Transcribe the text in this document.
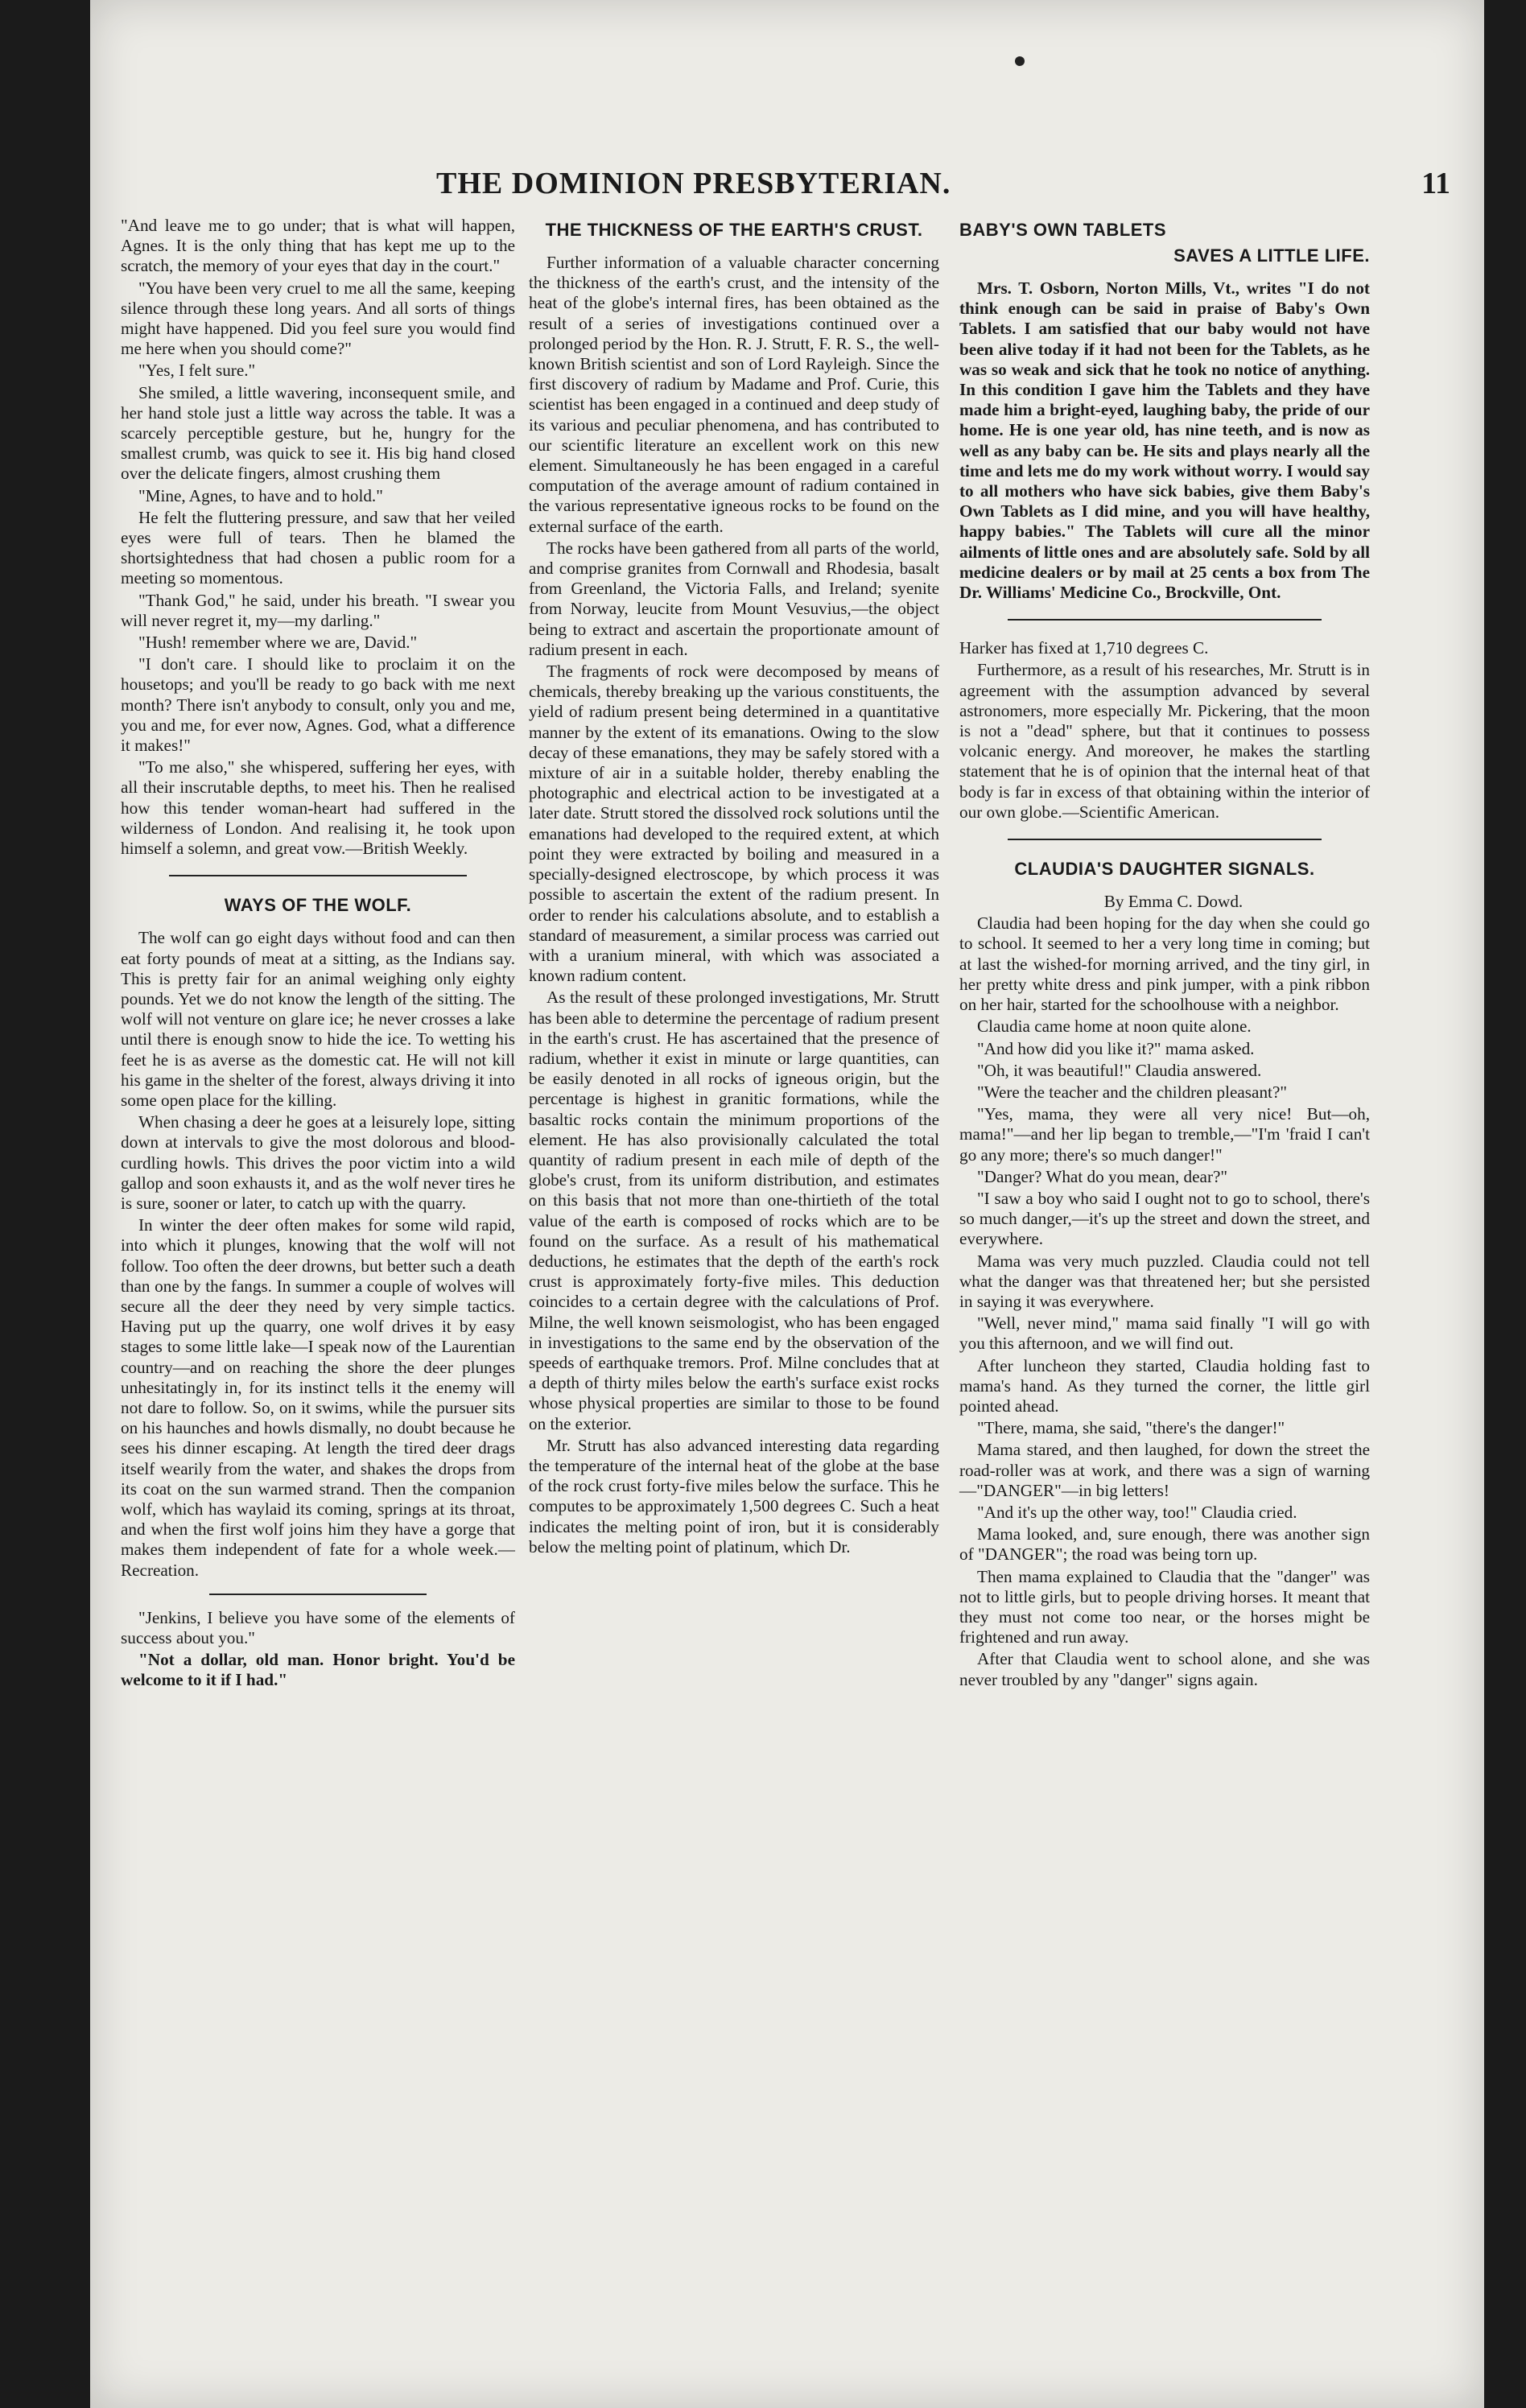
THE DOMINION PRESBYTERIAN.	11

"And leave me to go under; that is what will happen, Agnes. It is the only thing that has kept me up to the scratch, the memory of your eyes that day in the court."

"You have been very cruel to me all the same, keeping silence through these long years. And all sorts of things might have happened. Did you feel sure you would find me here when you should come?"

"Yes, I felt sure."

She smiled, a little wavering, inconsequent smile, and her hand stole just a little way across the table. It was a scarcely perceptible gesture, but he, hungry for the smallest crumb, was quick to see it. His big hand closed over the delicate fingers, almost crushing them

"Mine, Agnes, to have and to hold."

He felt the fluttering pressure, and saw that her veiled eyes were full of tears. Then he blamed the shortsightedness that had chosen a public room for a meeting so momentous.

"Thank God," he said, under his breath. "I swear you will never regret it, my—my darling."

"Hush! remember where we are, David."

"I don't care. I should like to proclaim it on the housetops; and you'll be ready to go back with me next month? There isn't anybody to consult, only you and me, you and me, for ever now, Agnes. God, what a difference it makes!"

"To me also," she whispered, suffering her eyes, with all their inscrutable depths, to meet his. Then he realised how this tender woman-heart had suffered in the wilderness of London. And realising it, he took upon himself a solemn, and great vow.—British Weekly.

WAYS OF THE WOLF.

The wolf can go eight days without food and can then eat forty pounds of meat at a sitting, as the Indians say. This is pretty fair for an animal weighing only eighty pounds. Yet we do not know the length of the sitting. The wolf will not venture on glare ice; he never crosses a lake until there is enough snow to hide the ice. To wetting his feet he is as averse as the domestic cat. He will not kill his game in the shelter of the forest, always driving it into some open place for the killing.

When chasing a deer he goes at a leisurely lope, sitting down at intervals to give the most dolorous and blood-curdling howls. This drives the poor victim into a wild gallop and soon exhausts it, and as the wolf never tires he is sure, sooner or later, to catch up with the quarry.

In winter the deer often makes for some wild rapid, into which it plunges, knowing that the wolf will not follow. Too often the deer drowns, but better such a death than one by the fangs. In summer a couple of wolves will secure all the deer they need by very simple tactics. Having put up the quarry, one wolf drives it by easy stages to some little lake—I speak now of the Laurentian country—and on reaching the shore the deer plunges unhesitatingly in, for its instinct tells it the enemy will not dare to follow. So, on it swims, while the pursuer sits on his haunches and howls dismally, no doubt because he sees his dinner escaping. At length the tired deer drags itself wearily from the water, and shakes the drops from its coat on the sun warmed strand. Then the companion wolf, which has waylaid its coming, springs at its throat, and when the first wolf joins him they have a gorge that makes them independent of fate for a whole week.—Recreation.

"Jenkins, I believe you have some of the elements of success about you."

"Not a dollar, old man. Honor bright. You'd be welcome to it if I had."

THE THICKNESS OF THE EARTH'S CRUST.

Further information of a valuable character concerning the thickness of the earth's crust, and the intensity of the heat of the globe's internal fires, has been obtained as the result of a series of investigations continued over a prolonged period by the Hon. R. J. Strutt, F. R. S., the well-known British scientist and son of Lord Rayleigh. Since the first discovery of radium by Madame and Prof. Curie, this scientist has been engaged in a continued and deep study of its various and peculiar phenomena, and has contributed to our scientific literature an excellent work on this new element. Simultaneously he has been engaged in a careful computation of the average amount of radium contained in the various representative igneous rocks to be found on the external surface of the earth.

The rocks have been gathered from all parts of the world, and comprise granites from Cornwall and Rhodesia, basalt from Greenland, the Victoria Falls, and Ireland; syenite from Norway, leucite from Mount Vesuvius,—the object being to extract and ascertain the proportionate amount of radium present in each.

The fragments of rock were decomposed by means of chemicals, thereby breaking up the various constituents, the yield of radium present being determined in a quantitative manner by the extent of its emanations. Owing to the slow decay of these emanations, they may be safely stored with a mixture of air in a suitable holder, thereby enabling the photographic and electrical action to be investigated at a later date. Strutt stored the dissolved rock solutions until the emanations had developed to the required extent, at which point they were extracted by boiling and measured in a specially-designed electroscope, by which process it was possible to ascertain the extent of the radium present. In order to render his calculations absolute, and to establish a standard of measurement, a similar process was carried out with a uranium mineral, with which was associated a known radium content.

As the result of these prolonged investigations, Mr. Strutt has been able to determine the percentage of radium present in the earth's crust. He has ascertained that the presence of radium, whether it exist in minute or large quantities, can be easily denoted in all rocks of igneous origin, but the percentage is highest in granitic formations, while the basaltic rocks contain the minimum proportions of the element. He has also provisionally calculated the total quantity of radium present in each mile of depth of the globe's crust, from its uniform distribution, and estimates on this basis that not more than one-thirtieth of the total value of the earth is composed of rocks which are to be found on the surface. As a result of his mathematical deductions, he estimates that the depth of the earth's rock crust is approximately forty-five miles. This deduction coincides to a certain degree with the calculations of Prof. Milne, the well known seismologist, who has been engaged in investigations to the same end by the observation of the speeds of earthquake tremors. Prof. Milne concludes that at a depth of thirty miles below the earth's surface exist rocks whose physical properties are similar to those to be found on the exterior.

Mr. Strutt has also advanced interesting data regarding the temperature of the internal heat of the globe at the base of the rock crust forty-five miles below the surface. This he computes to be approximately 1,500 degrees C. Such a heat indicates the melting point of iron, but it is considerably below the melting point of platinum, which Dr.

BABY'S OWN TABLETS
SAVES A LITTLE LIFE.

Mrs. T. Osborn, Norton Mills, Vt., writes "I do not think enough can be said in praise of Baby's Own Tablets. I am satisfied that our baby would not have been alive today if it had not been for the Tablets, as he was so weak and sick that he took no notice of anything. In this condition I gave him the Tablets and they have made him a bright-eyed, laughing baby, the pride of our home. He is one year old, has nine teeth, and is now as well as any baby can be. He sits and plays nearly all the time and lets me do my work without worry. I would say to all mothers who have sick babies, give them Baby's Own Tablets as I did mine, and you will have healthy, happy babies." The Tablets will cure all the minor ailments of little ones and are absolutely safe. Sold by all medicine dealers or by mail at 25 cents a box from The Dr. Williams' Medicine Co., Brockville, Ont.

Harker has fixed at 1,710 degrees C.

Furthermore, as a result of his researches, Mr. Strutt is in agreement with the assumption advanced by several astronomers, more especially Mr. Pickering, that the moon is not a "dead" sphere, but that it continues to possess volcanic energy. And moreover, he makes the startling statement that he is of opinion that the internal heat of that body is far in excess of that obtaining within the interior of our own globe.—Scientific American.

CLAUDIA'S DAUGHTER SIGNALS.

By Emma C. Dowd.

Claudia had been hoping for the day when she could go to school. It seemed to her a very long time in coming; but at last the wished-for morning arrived, and the tiny girl, in her pretty white dress and pink jumper, with a pink ribbon on her hair, started for the schoolhouse with a neighbor.

Claudia came home at noon quite alone.

"And how did you like it?" mama asked.

"Oh, it was beautiful!" Claudia answered.

"Were the teacher and the children pleasant?"

"Yes, mama, they were all very nice! But—oh, mama!"—and her lip began to tremble,—"I'm 'fraid I can't go any more; there's so much danger!"

"Danger? What do you mean, dear?"

"I saw a boy who said I ought not to go to school, there's so much danger,—it's up the street and down the street, and everywhere.

Mama was very much puzzled. Claudia could not tell what the danger was that threatened her; but she persisted in saying it was everywhere.

"Well, never mind," mama said finally "I will go with you this afternoon, and we will find out.

After luncheon they started, Claudia holding fast to mama's hand. As they turned the corner, the little girl pointed ahead.

"There, mama, she said, "there's the danger!"

Mama stared, and then laughed, for down the street the road-roller was at work, and there was a sign of warning —"DANGER"—in big letters!

"And it's up the other way, too!" Claudia cried.

Mama looked, and, sure enough, there was another sign of "DANGER"; the road was being torn up.

Then mama explained to Claudia that the "danger" was not to little girls, but to people driving horses. It meant that they must not come too near, or the horses might be frightened and run away.

After that Claudia went to school alone, and she was never troubled by any "danger" signs again.
